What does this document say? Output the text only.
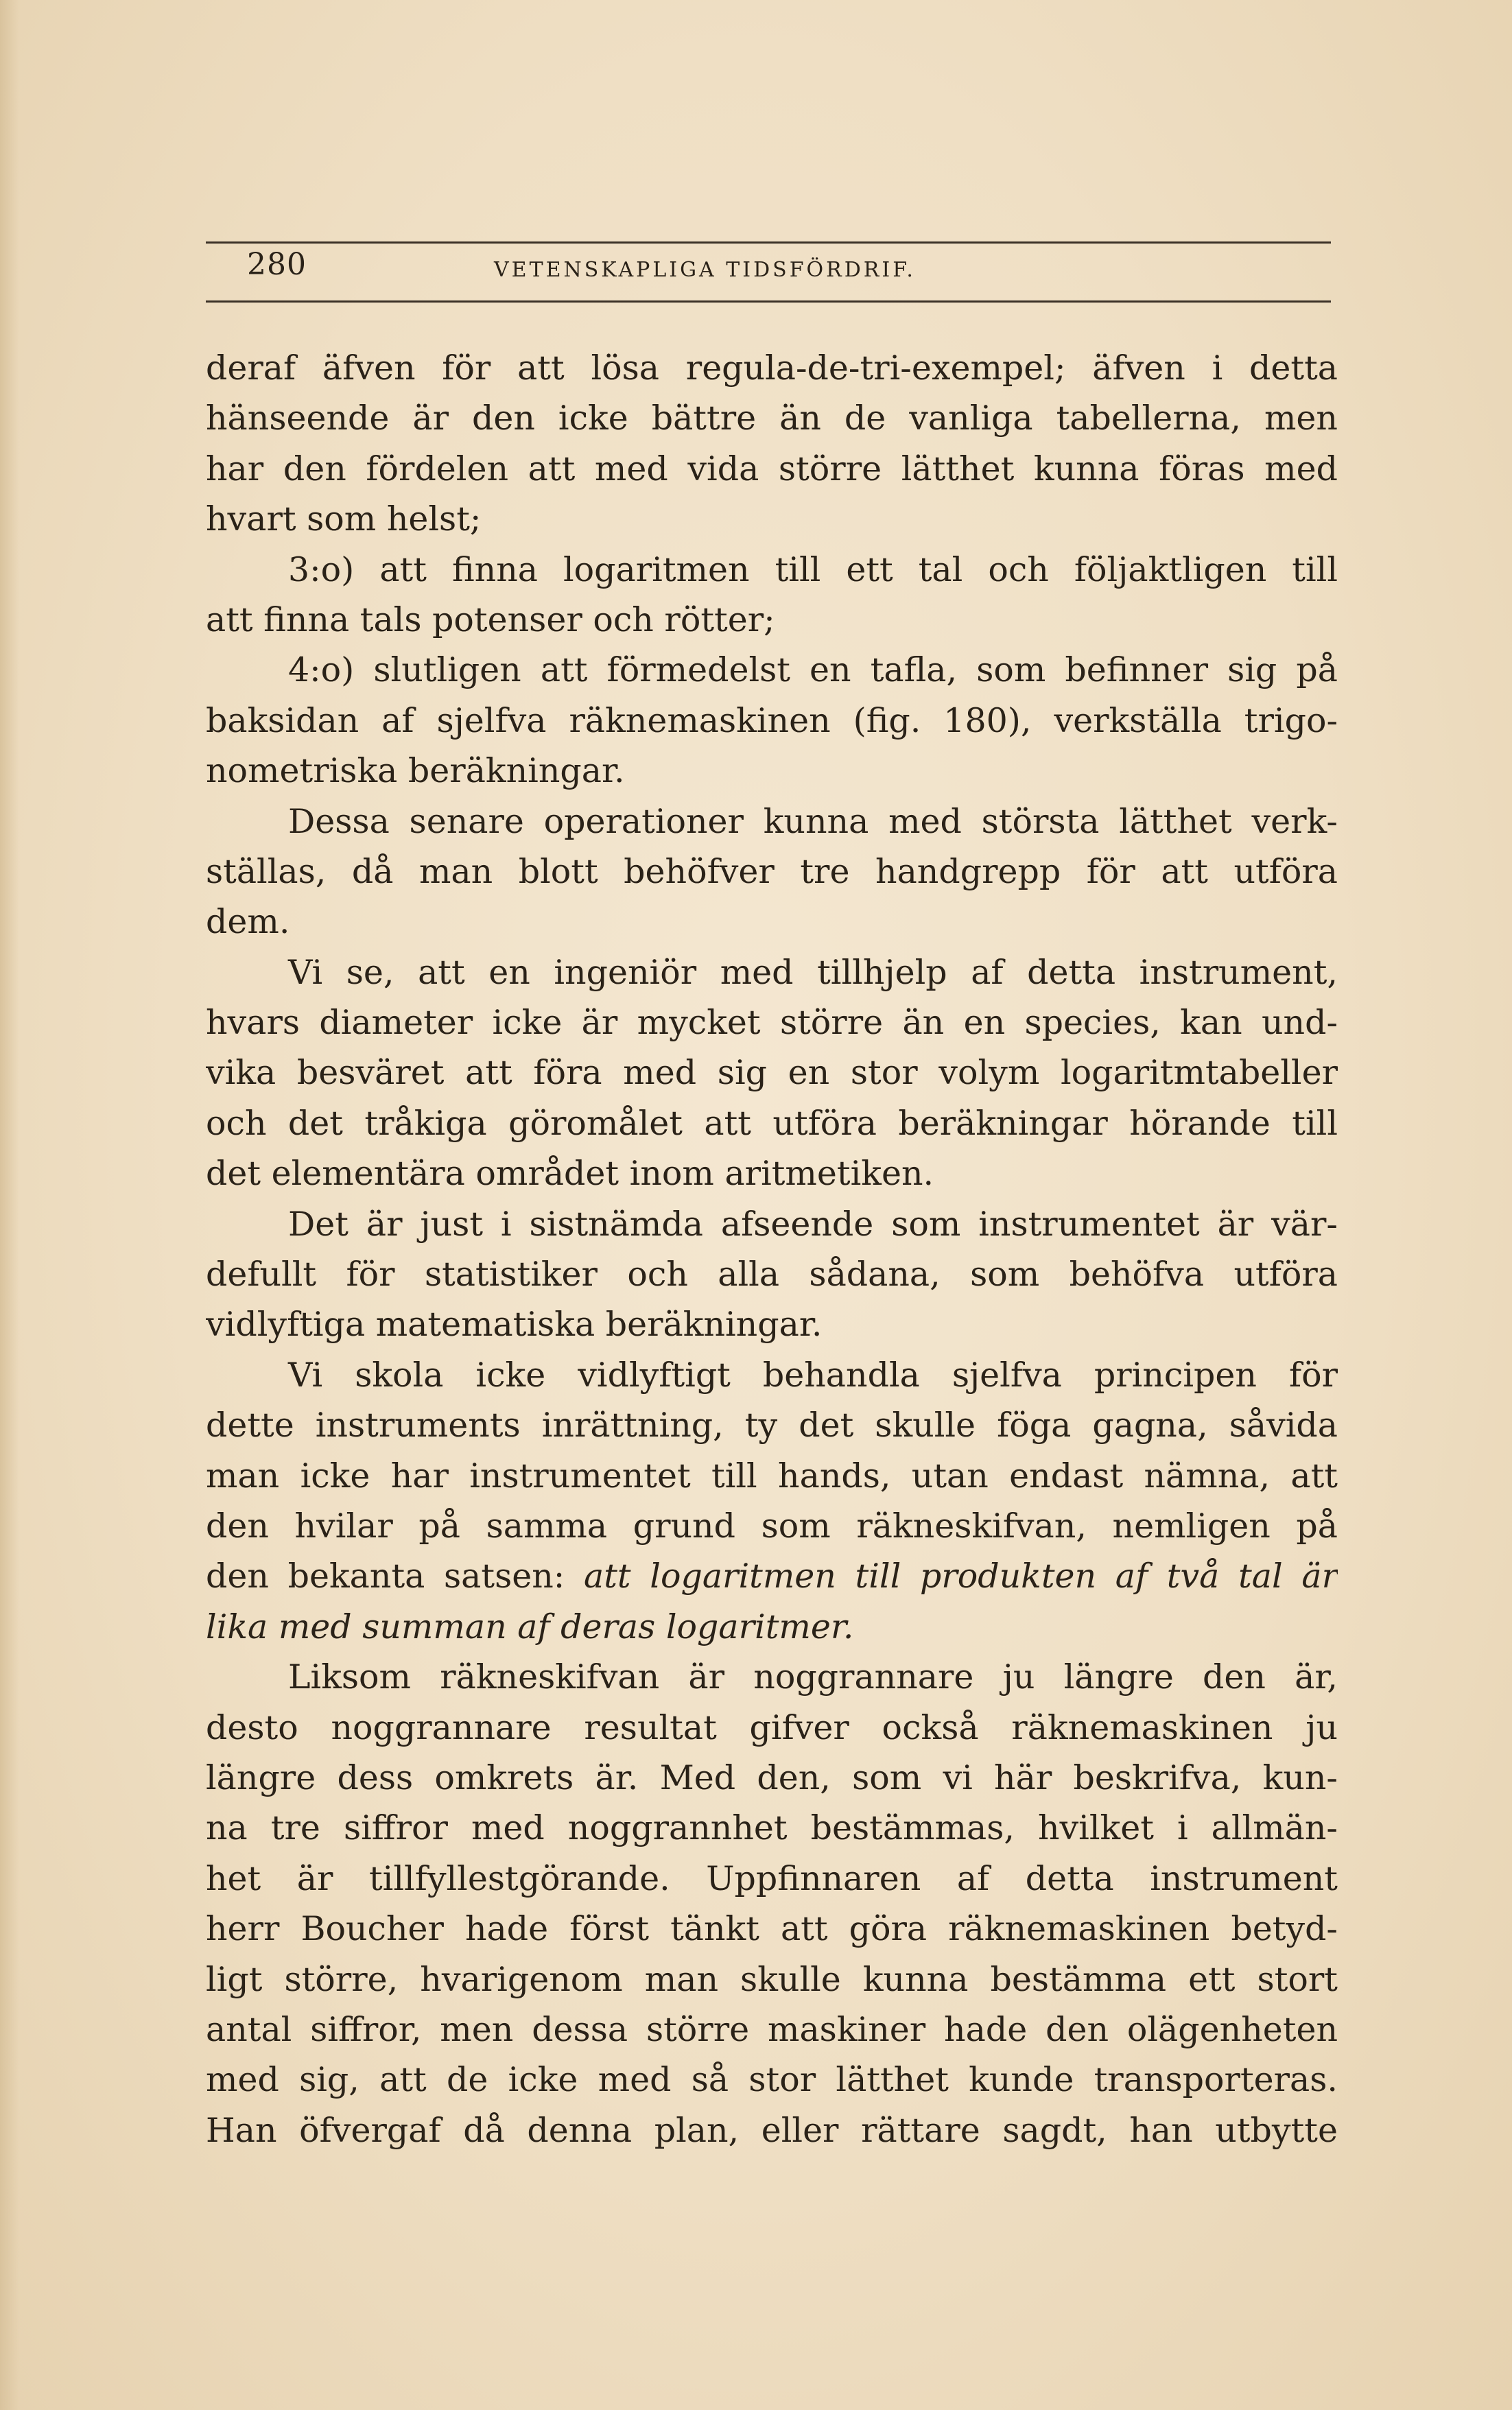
280	VETENSKAPLIGA TIDSFÖRDRIF.
deraf äfven för att lösa regula-de-tri-exempel; äfven i detta
hänseende är den icke bättre än de vanliga tabellerna, men
har den fördelen att med vida större lätthet kunna föras med
hvart som helst;
3:o) att finna logaritmen till ett tal och följaktligen till
att finna tals potenser och rötter;
4:o) slutligen att förmedelst en tafla, som befinner sig på
baksidan af sjelfva räknemaskinen (fig. 180), verkställa trigo-
nometriska beräkningar.
Dessa senare operationer kunna med största lätthet verk-
ställas, då man blott behöfver tre handgrepp för att utföra
dem.
Vi se, att en ingeniör med tillhjelp af detta instrument,
hvars diameter icke är mycket större än en species, kan und-
vika besväret att föra med sig en stor volym logaritmtabeller
och det tråkiga göromålet att utföra beräkningar hörande till
det elementära området inom aritmetiken.
Det är just i sistnämda afseende som instrumentet är vär-
defullt för statistiker och alla sådana, som behöfva utföra
vidlyftiga matematiska beräkningar.
Vi skola icke vidlyftigt behandla sjelfva principen för
dette instruments inrättning, ty det skulle föga gagna, såvida
man icke har instrumentet till hands, utan endast nämna, att
den hvilar på samma grund som räkneskifvan, nemligen på
den bekanta satsen: att logaritmen till produkten af två tal är
lika med summan af deras logaritmer.
Liksom räkneskifvan är noggrannare ju längre den är,
desto noggrannare resultat gifver också räknemaskinen ju
längre dess omkrets är. Med den, som vi här beskrifva, kun-
na tre siffror med noggrannhet bestämmas, hvilket i allmän-
het är tillfyllestgörande. Uppfinnaren af detta instrument
herr Boucher hade först tänkt att göra räknemaskinen betyd-
ligt större, hvarigenom man skulle kunna bestämma ett stort
antal siffror, men dessa större maskiner hade den olägenheten
med sig, att de icke med så stor lätthet kunde transporteras.
Han öfvergaf då denna plan, eller rättare sagdt, han utbytte
